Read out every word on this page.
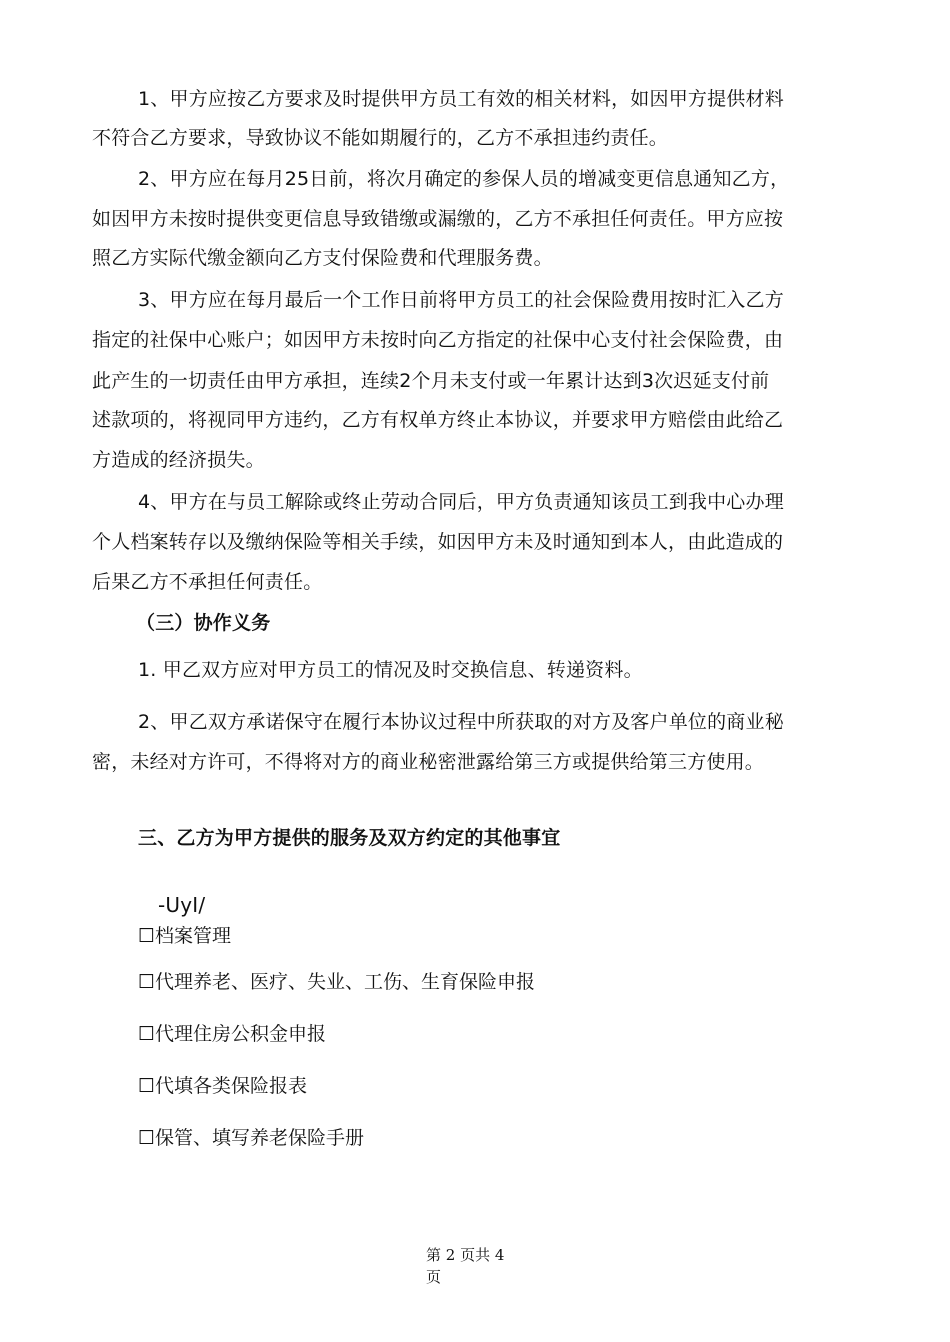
1、甲方应按乙方要求及时提供甲方员工有效的相关材料，如因甲方提供材料
不符合乙方要求，导致协议不能如期履行的，乙方不承担违约责任。
2、甲方应在每月25日前，将次月确定的参保人员的增减变更信息通知乙方，
如因甲方未按时提供变更信息导致错缴或漏缴的，乙方不承担任何责任。甲方应按
照乙方实际代缴金额向乙方支付保险费和代理服务费。
3、甲方应在每月最后一个工作日前将甲方员工的社会保险费用按时汇入乙方
指定的社保中心账户；如因甲方未按时向乙方指定的社保中心支付社会保险费，由
此产生的一切责任由甲方承担，连续2个月未支付或一年累计达到3次迟延支付前
述款项的，将视同甲方违约，乙方有权单方终止本协议，并要求甲方赔偿由此给乙
方造成的经济损失。
4、甲方在与员工解除或终止劳动合同后，甲方负责通知该员工到我中心办理
个人档案转存以及缴纳保险等相关手续，如因甲方未及时通知到本人，由此造成的
后果乙方不承担任何责任。
（三）协作义务
1. 甲乙双方应对甲方员工的情况及时交换信息、转递资料。
2、甲乙双方承诺保守在履行本协议过程中所获取的对方及客户单位的商业秘
密，未经对方许可，不得将对方的商业秘密泄露给第三方或提供给第三方使用。
三、乙方为甲方提供的服务及双方约定的其他事宜
-UyI/
☐档案管理
☐代理养老、医疗、失业、工伤、生育保险申报
☐代理住房公积金申报
☐代填各类保险报表
☐保管、填写养老保险手册
第 2 页共 4
页
